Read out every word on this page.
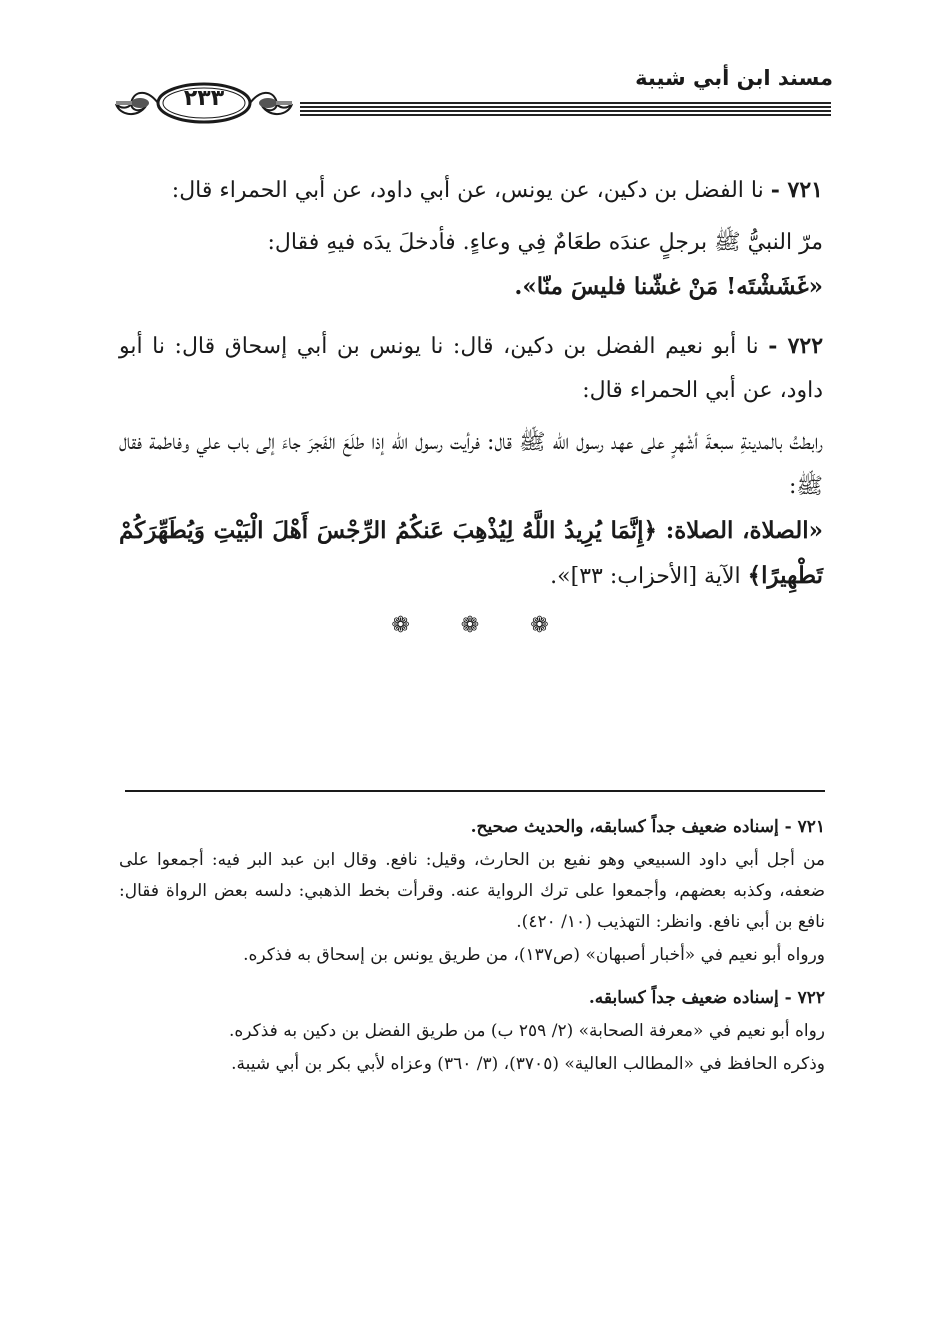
مسند ابن أبي شيبة
٢٣٣

٧٢١ - نا الفضل بن دكين، عن يونس، عن أبي داود، عن أبي الحمراء قال:

مرّ النبيُّ ﷺ برجلٍ عندَه طعَامٌ فِي وعاءٍ. فأدخلَ يدَه فيهِ فقال:

«غَشَشْتَه! مَنْ غشّنا فليسَ منّا».

٧٢٢ - نا أبو نعيم الفضل بن دكين، قال: نا يونس بن أبي إسحاق قال: نا أبو داود، عن أبي الحمراء قال:

رابطتُ بالمدينةِ سبعةَ أشْهرٍ على عهد رسول الله ﷺ قال: فرأيت رسول الله إذا طلَعَ الفَجرَ جاءَ إلى باب علي وفاطمة فقال ﷺ:

«الصلاة، الصلاة: ﴿إِنَّمَا يُرِيدُ اللَّهُ لِيُذْهِبَ عَنكُمُ الرِّجْسَ أَهْلَ الْبَيْتِ وَيُطَهِّرَكُمْ تَطْهِيرًا﴾ الآية [الأحزاب: ٣٣]».

❁ ❁ ❁

٧٢١ - إسناده ضعيف جداً كسابقه، والحديث صحيح.

من أجل أبي داود السبيعي وهو نفيع بن الحارث، وقيل: نافع. وقال ابن عبد البر فيه: أجمعوا على ضعفه، وكذبه بعضهم، وأجمعوا على ترك الرواية عنه. وقرأت بخط الذهبي: دلسه بعض الرواة فقال: نافع بن أبي نافع. وانظر: التهذيب (١٠/ ٤٢٠).

ورواه أبو نعيم في «أخبار أصبهان» (ص١٣٧)، من طريق يونس بن إسحاق به فذكره.

٧٢٢ - إسناده ضعيف جداً كسابقه.

رواه أبو نعيم في «معرفة الصحابة» (٢/ ٢٥٩ ب) من طريق الفضل بن دكين به فذكره.

وذكره الحافظ في «المطالب العالية» (٣٧٠٥)، (٣/ ٣٦٠) وعزاه لأبي بكر بن أبي شيبة.
